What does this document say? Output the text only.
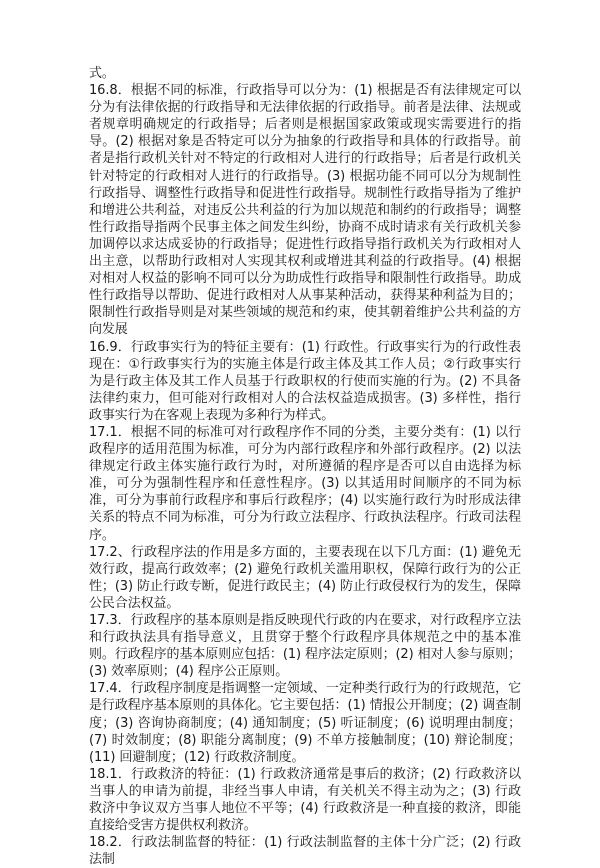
式。

16.8．根据不同的标准，行政指导可以分为：(1) 根据是否有法律规定可以分为有法律依据的行政指导和无法律依据的行政指导。前者是法律、法规或者规章明确规定的行政指导；后者则是根据国家政策或现实需要进行的指导。(2) 根据对象是否特定可以分为抽象的行政指导和具体的行政指导。前者是指行政机关针对不特定的行政相对人进行的行政指导；后者是行政机关针对特定的行政相对人进行的行政指导。(3) 根据功能不同可以分为规制性行政指导、调整性行政指导和促进性行政指导。规制性行政指导指为了维护和增进公共利益，对违反公共利益的行为加以规范和制约的行政指导；调整性行政指导指两个民事主体之间发生纠纷，协商不成时请求有关行政机关参加调停以求达成妥协的行政指导；促进性行政指导指行政机关为行政相对人出主意，以帮助行政相对人实现其权利或增进其利益的行政指导。(4) 根据对相对人权益的影响不同可以分为助成性行政指导和限制性行政指导。助成性行政指导以帮助、促进行政相对人从事某种活动，获得某种利益为目的；限制性行政指导则是对某些领域的规范和约束，使其朝着维护公共利益的方向发展

16.9．行政事实行为的特征主要有：(1) 行政性。行政事实行为的行政性表现在：①行政事实行为的实施主体是行政主体及其工作人员；②行政事实行为是行政主体及其工作人员基于行政职权的行使而实施的行为。(2) 不具备法律约束力，但可能对行政相对人的合法权益造成损害。(3) 多样性，指行政事实行为在客观上表现为多种行为样式。

17.1．根据不同的标准可对行政程序作不同的分类，主要分类有：(1) 以行政程序的适用范围为标准，可分为内部行政程序和外部行政程序。(2) 以法律规定行政主体实施行政行为时，对所遵循的程序是否可以自由选择为标准，可分为强制性程序和任意性程序。(3) 以其适用时间顺序的不同为标准，可分为事前行政程序和事后行政程序；(4) 以实施行政行为时形成法律关系的特点不同为标准，可分为行政立法程序、行政执法程序。行政司法程序。

17.2、行政程序法的作用是多方面的，主要表现在以下几方面：(1) 避免无效行政，提高行政效率；(2) 避免行政机关滥用职权，保障行政行为的公正性；(3) 防止行政专断，促进行政民主；(4) 防止行政侵权行为的发生，保障公民合法权益。

17.3．行政程序的基本原则是指反映现代行政的内在要求，对行政程序立法和行政执法具有指导意义，且贯穿于整个行政程序具体规范之中的基本准则。行政程序的基本原则应包括：(1) 程序法定原则；(2) 相对人参与原则；(3) 效率原则；(4) 程序公正原则。

17.4．行政程序制度是指调整一定领域、一定种类行政行为的行政规范，它是行政程序基本原则的具体化。它主要包括：(1) 情报公开制度；(2) 调查制度；(3) 咨询协商制度；(4) 通知制度；(5) 听证制度；(6) 说明理由制度；(7) 时效制度；(8) 职能分离制度；(9) 不单方接触制度；(10) 辩论制度；(11) 回避制度；(12) 行政救济制度。

18.1．行政救济的特征：(1) 行政救济通常是事后的救济；(2) 行政救济以当事人的申请为前提，非经当事人申请，有关机关不得主动为之；(3) 行政救济中争议双方当事人地位不平等；(4) 行政救济是一种直接的救济，即能直接给受害方提供权利救济。

18.2．行政法制监督的特征：(1) 行政法制监督的主体十分广泛；(2) 行政法制
